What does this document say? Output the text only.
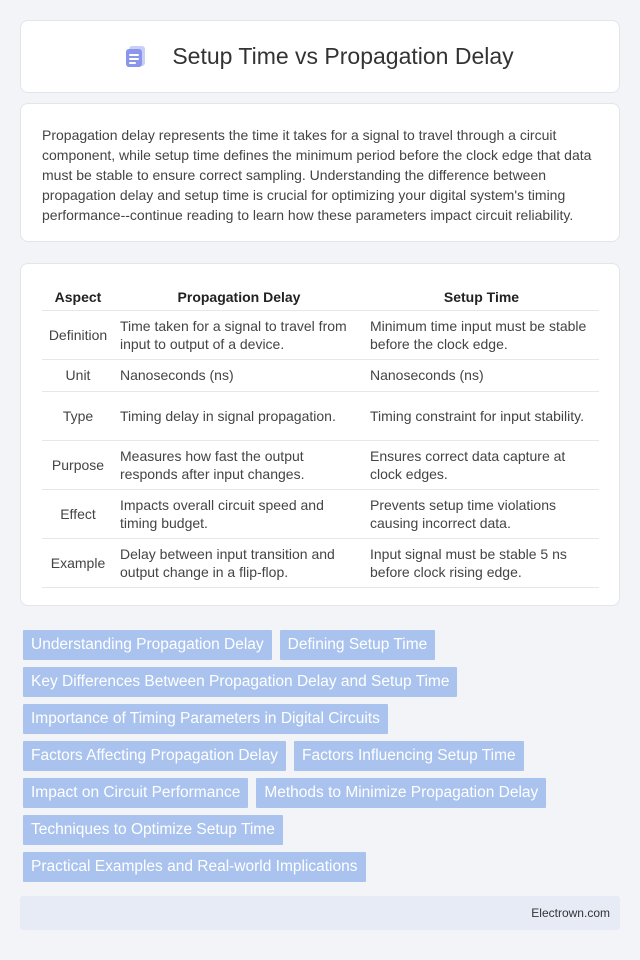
Setup Time vs Propagation Delay

Propagation delay represents the time it takes for a signal to travel through a circuit component, while setup time defines the minimum period before the clock edge that data must be stable to ensure correct sampling. Understanding the difference between propagation delay and setup time is crucial for optimizing your digital system's timing performance--continue reading to learn how these parameters impact circuit reliability.

Aspect	Propagation Delay	Setup Time
Definition	Time taken for a signal to travel from input to output of a device.	Minimum time input must be stable before the clock edge.
Unit	Nanoseconds (ns)	Nanoseconds (ns)
Type	Timing delay in signal propagation.	Timing constraint for input stability.
Purpose	Measures how fast the output responds after input changes.	Ensures correct data capture at clock edges.
Effect	Impacts overall circuit speed and timing budget.	Prevents setup time violations causing incorrect data.
Example	Delay between input transition and output change in a flip-flop.	Input signal must be stable 5 ns before clock rising edge.
Understanding Propagation Delay	Defining Setup Time
Key Differences Between Propagation Delay and Setup Time
Importance of Timing Parameters in Digital Circuits
Factors Affecting Propagation Delay	Factors Influencing Setup Time
Impact on Circuit Performance	Methods to Minimize Propagation Delay
Techniques to Optimize Setup Time
Practical Examples and Real-world Implications
Electrown.com
